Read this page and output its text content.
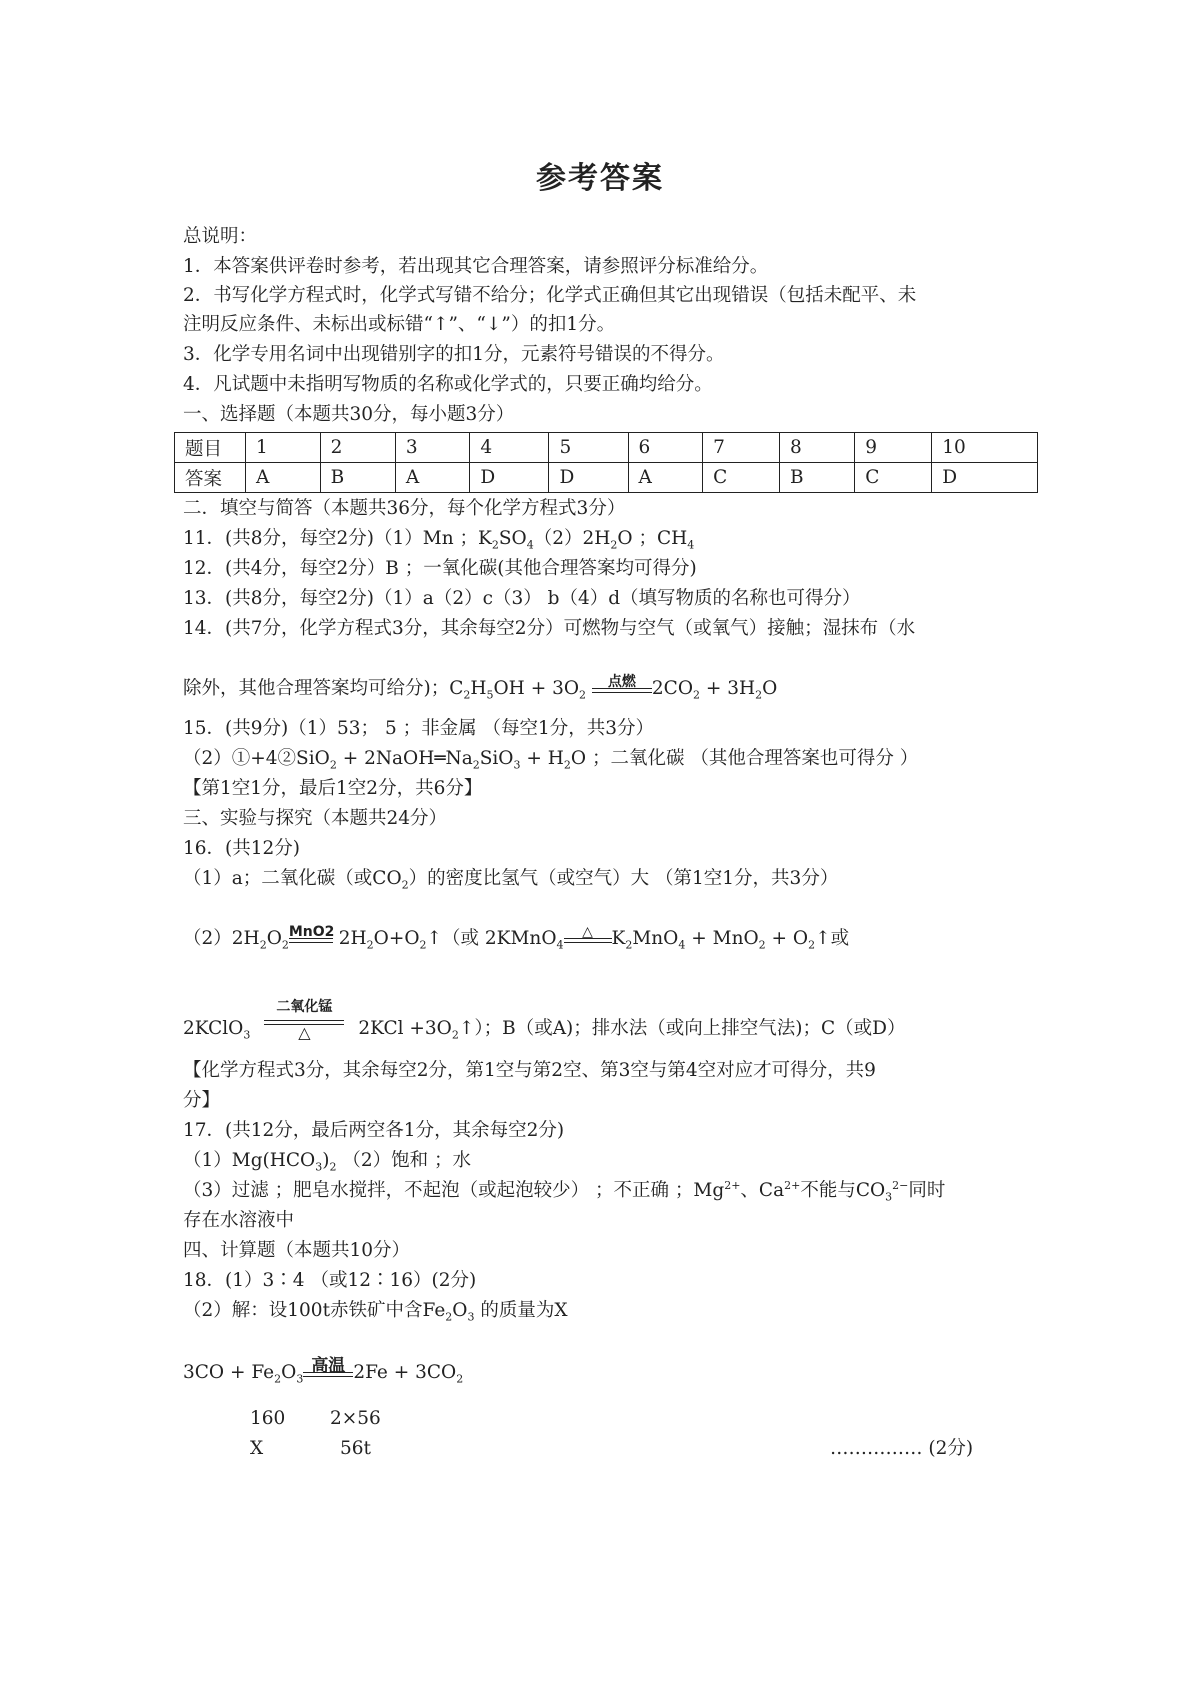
参考答案
总说明：
1．本答案供评卷时参考，若出现其它合理答案，请参照评分标准给分。
2．书写化学方程式时，化学式写错不给分；化学式正确但其它出现错误（包括未配平、未
注明反应条件、未标出或标错“↑”、“↓”）的扣1分。
3．化学专用名词中出现错别字的扣1分，元素符号错误的不得分。
4．凡试题中未指明写物质的名称或化学式的，只要正确均给分。
一、选择题（本题共30分，每小题3分）
题目	1	2	3	4	5	6	7	8	9	10
答案	A	B	A	D	D	A	C	B	C	D
二．填空与简答（本题共36分，每个化学方程式3分）
11．(共8分，每空2分)（1）Mn ；$K_2SO_4(2)2H_2O$ ；$CH_4$
12．(共4分，每空2分）B ；一氧化碳(其他合理答案均可得分)
13．(共8分，每空2分)（1）a（2）c（3） b（4）d（填写物质的名称也可得分）
14．(共7分，化学方程式3分，其余每空2分）可燃物与空气（或氧气）接触；湿抹布（水
除外，其他合理答案均可给分)；$C_2H_5OH + 3O_2$
点燃 $2CO_2 + 3H_2O$
15．(共9分)（1）53； 5 ；非金属 （每空1分，共3分）
（2）①+4②SiO$_2$ + $2NaOH═Na_2SiO_3 + H_2O$ ；二氧化碳 （其他合理答案也可得分 ）
【第1空1分，最后1空2分，共6分】
三、实验与探究（本题共24分）
16．(共12分)
（1）a；二氧化碳（或$CO_2$）的密度比氢气（或空气）大 （第1空1分，共3分）
$(2)2H_2O_2$
MnO2
$2H_2O+O_2↑$（或 2KMnO$_4$
△	$K_2MnO_4 + MnO_2$ + $O_2↑$或
2KClO$_3$
二氧化锰
△	$2KCl +3O_2↑$）；B（或A)；排水法（或向上排空气法)；C（或D）
【化学方程式3分，其余每空2分，第1空与第2空、第3空与第4空对应才可得分，共9
分】
17．(共12分，最后两空各1分，其余每空2分)
$(1)Mg(HCO_3)_2$ （2）饱和 ；水
（3）过滤 ；肥皂水搅拌，不起泡（或起泡较少） ；不正确 ；$Mg^{2+}$、$Ca^{2+}$不能与$CO_3^{2-}$同时
存在水溶液中
四、计算题（本题共10分）
18．(1）3∶4 （或12∶16）(2分)
（2）解：设100t赤铁矿中含$Fe_2O_3$ 的质量为X
$3CO + Fe_2O_3$
高温 $2Fe + 3CO_2$
160 2×56
X	56t	…………… (2分)
